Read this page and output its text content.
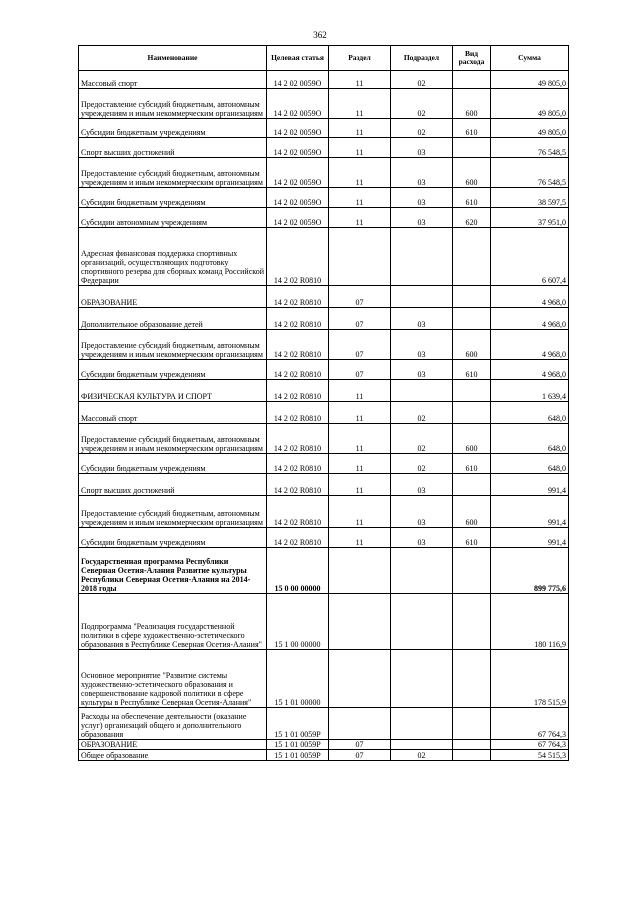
362
Наименование	Целевая статья	Раздел	Подраздел	Вид расхода	Сумма

Массовый спорт	14 2 02 0059О	11	02		49 805,0

Предоставление субсидий бюджетным, автономным учреждениям и иным некоммерческим организациям	14 2 02 0059О	11	02	600	49 805,0

Субсидии бюджетным учреждениям	14 2 02 0059О	11	02	610	49 805,0

Спорт высших достижений	14 2 02 0059О	11	03		76 548,5

Предоставление субсидий бюджетным, автономным учреждениям и иным некоммерческим организациям	14 2 02 0059О	11	03	600	76 548,5

Субсидии бюджетным учреждениям	14 2 02 0059О	11	03	610	38 597,5

Субсидии автономным учреждениям	14 2 02 0059О	11	03	620	37 951,0

Адресная финансовая поддержка спортивных организаций, осуществляющих подготовку спортивного резерва для сборных команд Российской Федерации	14 2 02 R0810				6 607,4

ОБРАЗОВАНИЕ	14 2 02 R0810	07			4 968,0

Дополнительное образование детей	14 2 02 R0810	07	03		4 968,0

Предоставление субсидий бюджетным, автономным учреждениям и иным некоммерческим организациям	14 2 02 R0810	07	03	600	4 968,0

Субсидии бюджетным учреждениям	14 2 02 R0810	07	03	610	4 968,0

ФИЗИЧЕСКАЯ КУЛЬТУРА И СПОРТ	14 2 02 R0810	11			1 639,4

Массовый спорт	14 2 02 R0810	11	02		648,0

Предоставление субсидий бюджетным, автономным учреждениям и иным некоммерческим организациям	14 2 02 R0810	11	02	600	648,0

Субсидии бюджетным учреждениям	14 2 02 R0810	11	02	610	648,0

Спорт высших достижений	14 2 02 R0810	11	03		991,4

Предоставление субсидий бюджетным, автономным учреждениям и иным некоммерческим организациям	14 2 02 R0810	11	03	600	991,4

Субсидии бюджетным учреждениям	14 2 02 R0810	11	03	610	991,4

Государственная программа Республики Северная Осетия-Алания Развитие культуры Республики Северная Осетия-Алания на 2014-2018 годы	15 0 00 00000				899 775,6

Подпрограмма "Реализация государственной политики в сфере художественно-эстетического образования в Республике Северная Осетия-Алания"	15 1 00 00000				180 116,9

Основное мероприятие "Развитие системы художественно-эстетического образования и совершенствование кадровой политики в сфере культуры в Республике Северная Осетия-Алания"	15 1 01 00000				178 515,9

Расходы на обеспечение деятельности (оказание услуг) организаций общего и дополнительного образования	15 1 01 0059Р				67 764,3

ОБРАЗОВАНИЕ	15 1 01 0059Р	07			67 764,3

Общее образование	15 1 01 0059Р	07	02		54 515,3
